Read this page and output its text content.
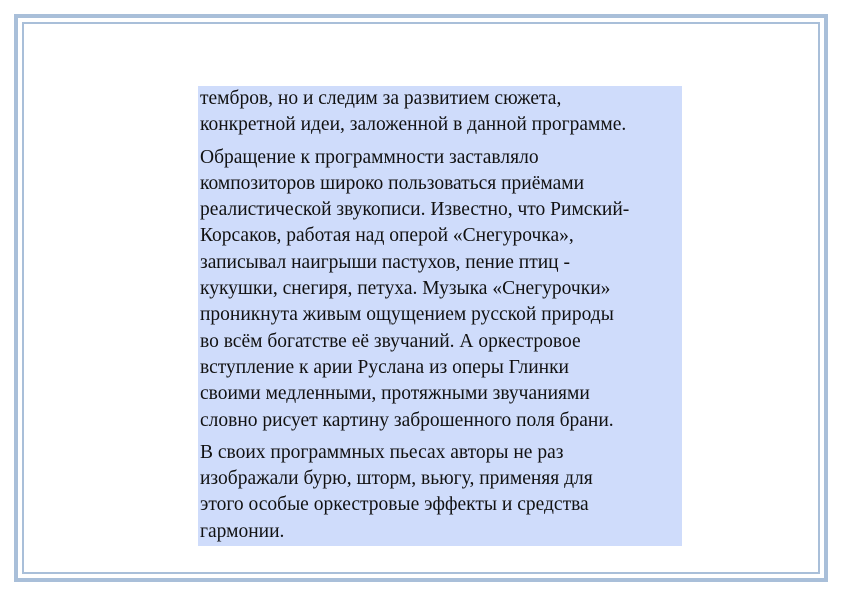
тембров, но и следим за развитием сюжета,
конкретной идеи, заложенной в данной программе.

Обращение к программности заставляло
композиторов широко пользоваться приёмами
реалистической звукописи. Известно, что Римский-
Корсаков, работая над оперой «Снегурочка»,
записывал наигрыши пастухов, пение птиц -
кукушки, снегиря, петуха. Музыка «Снегурочки»
проникнута живым ощущением русской природы
во всём богатстве её звучаний. А оркестровое
вступление к арии Руслана из оперы Глинки
своими медленными, протяжными звучаниями
словно рисует картину заброшенного поля брани.

В своих программных пьесах авторы не раз
изображали бурю, шторм, вьюгу, применяя для
этого особые оркестровые эффекты и средства
гармонии.
